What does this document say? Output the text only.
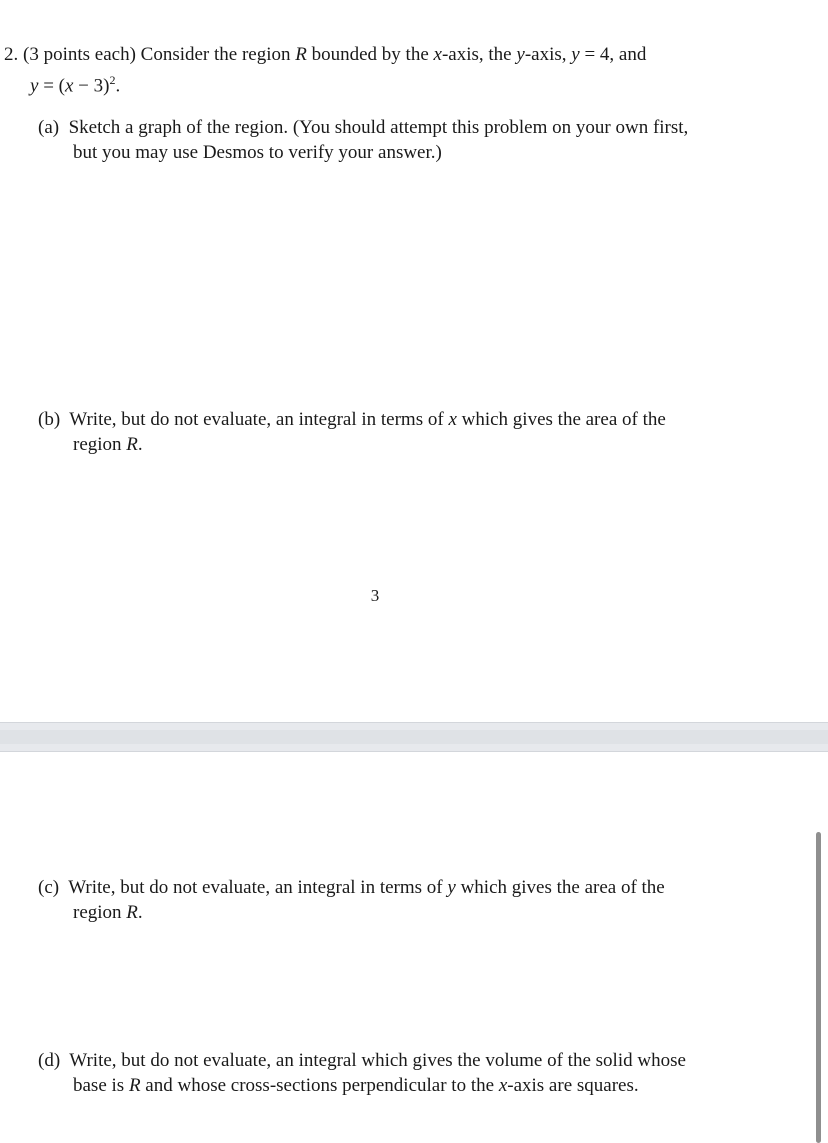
2. (3 points each) Consider the region R bounded by the x-axis, the y-axis, y = 4, and
$y = (x - 3)^2$.
(a)  Sketch a graph of the region. (You should attempt this problem on your own first,
but you may use Desmos to verify your answer.)
(b)  Write, but do not evaluate, an integral in terms of x which gives the area of the
region R.
3
(c)  Write, but do not evaluate, an integral in terms of y which gives the area of the
region R.
(d)  Write, but do not evaluate, an integral which gives the volume of the solid whose
base is R and whose cross-sections perpendicular to the x-axis are squares.
